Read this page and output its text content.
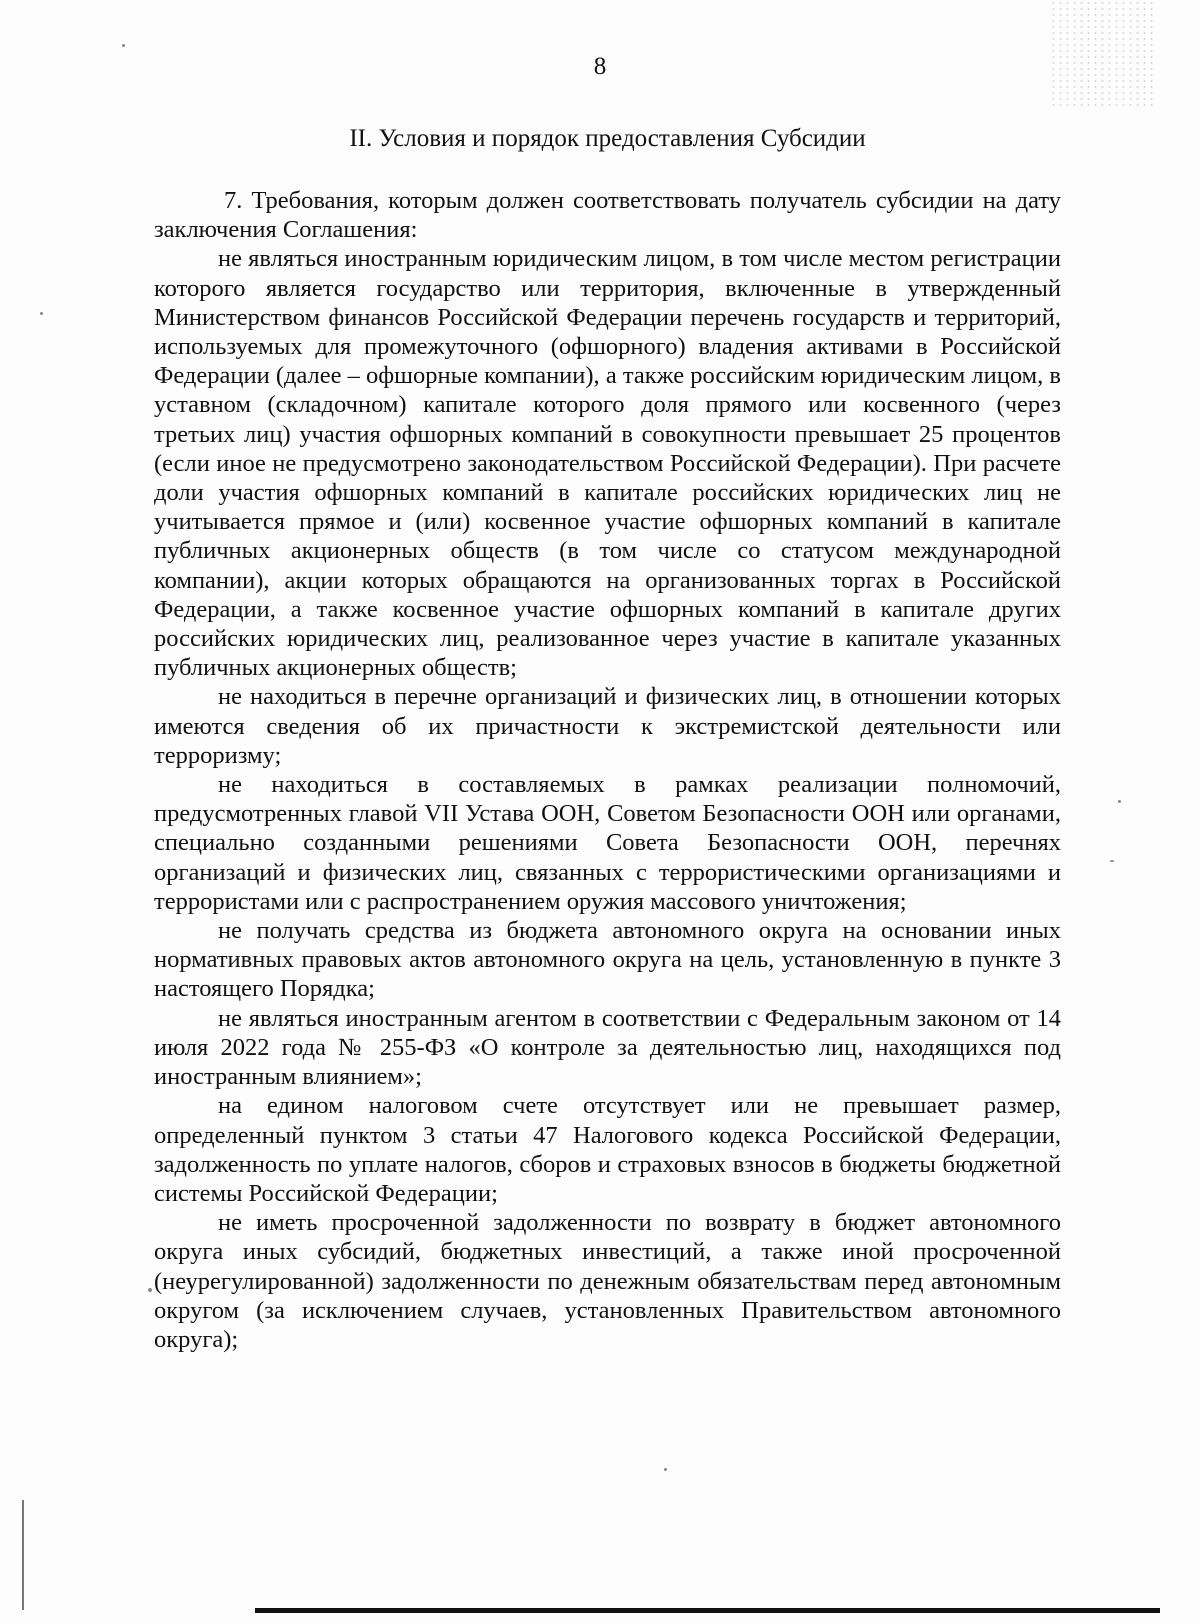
8
II. Условия и порядок предоставления Субсидии

7. Требования, которым должен соответствовать получатель субсидии на дату заключения Соглашения:

не являться иностранным юридическим лицом, в том числе местом регистрации которого является государство или территория, включенные в утвержденный Министерством финансов Российской Федерации перечень государств и территорий, используемых для промежуточного (офшорного) владения активами в Российской Федерации (далее – офшорные компании), а также российским юридическим лицом, в уставном (складочном) капитале которого доля прямого или косвенного (через третьих лиц) участия офшорных компаний в совокупности превышает 25 процентов (если иное не предусмотрено законодательством Российской Федерации). При расчете доли участия офшорных компаний в капитале российских юридических лиц не учитывается прямое и (или) косвенное участие офшорных компаний в капитале публичных акционерных обществ (в том числе со статусом международной компании), акции которых обращаются на организованных торгах в Российской Федерации, а также косвенное участие офшорных компаний в капитале других российских юридических лиц, реализованное через участие в капитале указанных публичных акционерных обществ;

не находиться в перечне организаций и физических лиц, в отношении которых имеются сведения об их причастности к экстремистской деятельности или терроризму;

не находиться в составляемых в рамках реализации полномочий, предусмотренных главой VII Устава ООН, Советом Безопасности ООН или органами, специально созданными решениями Совета Безопасности ООН, перечнях организаций и физических лиц, связанных с террористическими организациями и террористами или с распространением оружия массового уничтожения;

не получать средства из бюджета автономного округа на основании иных нормативных правовых актов автономного округа на цель, установленную в пункте 3 настоящего Порядка;

не являться иностранным агентом в соответствии с Федеральным законом от 14 июля 2022 года № 255-ФЗ «О контроле за деятельностью лиц, находящихся под иностранным влиянием»;

на едином налоговом счете отсутствует или не превышает размер, определенный пунктом 3 статьи 47 Налогового кодекса Российской Федерации, задолженность по уплате налогов, сборов и страховых взносов в бюджеты бюджетной системы Российской Федерации;

не иметь просроченной задолженности по возврату в бюджет автономного округа иных субсидий, бюджетных инвестиций, а также иной просроченной (неурегулированной) задолженности по денежным обязательствам перед автономным округом (за исключением случаев, установленных Правительством автономного округа);
